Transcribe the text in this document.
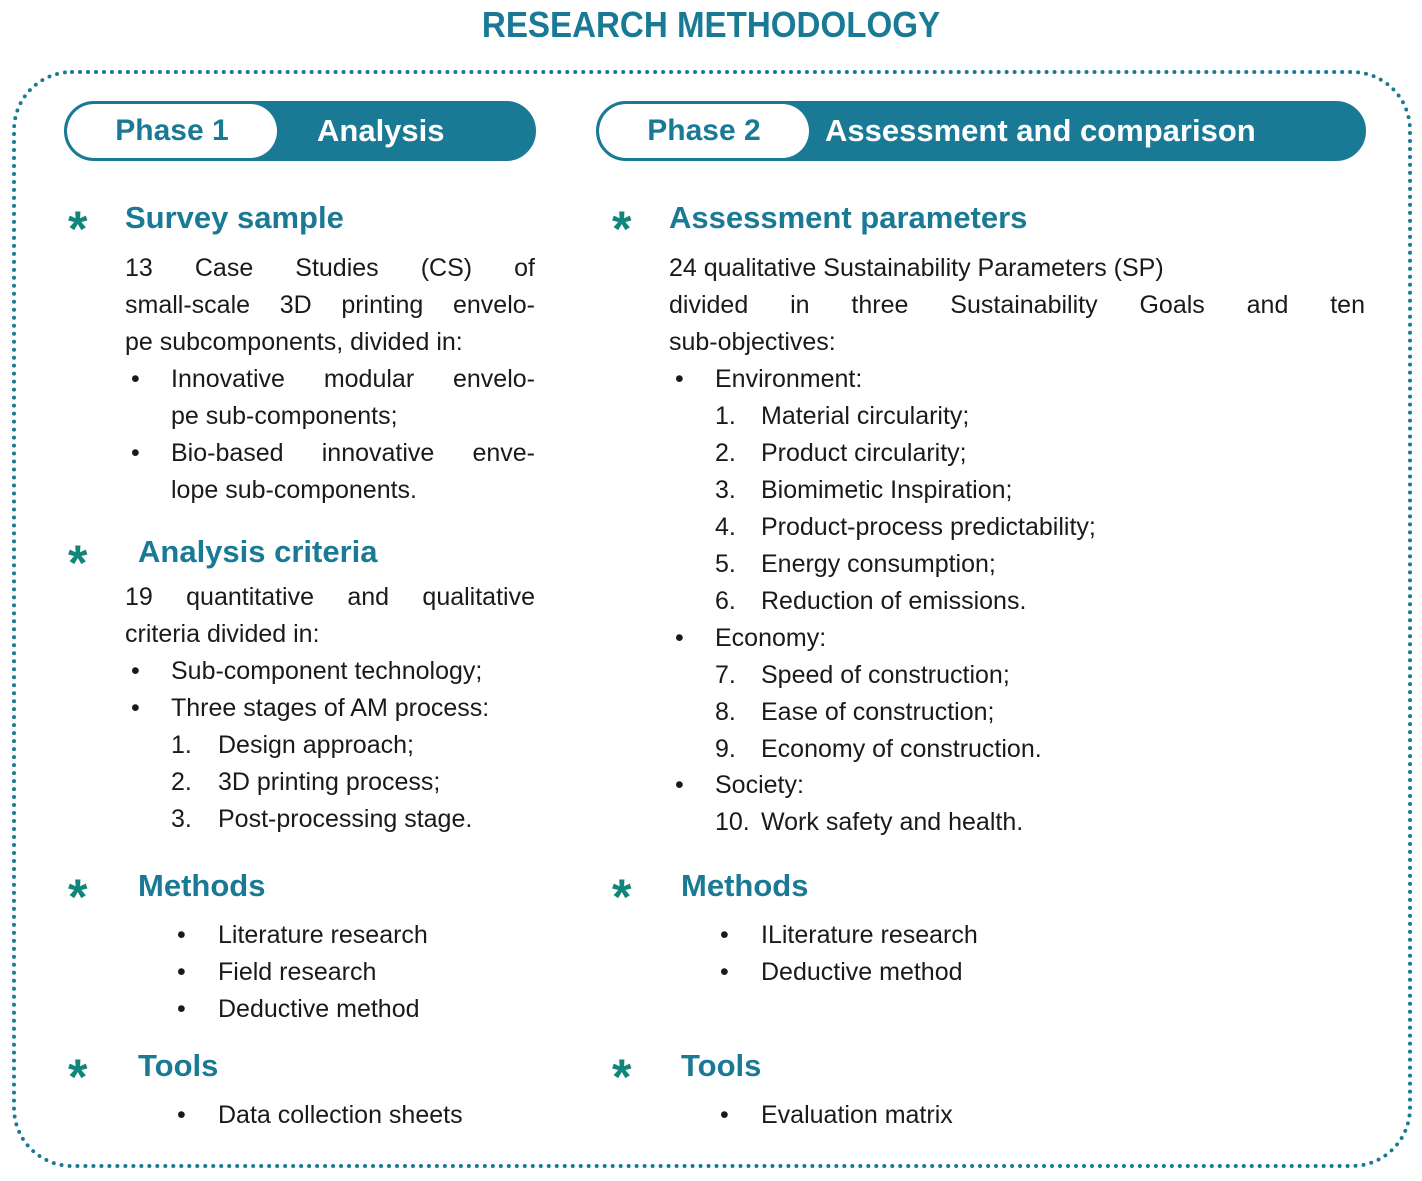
RESEARCH METHODOLOGY
Phase 1	Analysis	Phase 2	Assessment and comparison
* Survey sample
13 Case Studies (CS) of
small-scale 3D printing envelo-
pe subcomponents, divided in:
• Innovative modular envelo-
pe sub-components;
• Bio-based innovative enve-
lope sub-components.
* Analysis criteria
19 quantitative and qualitative
criteria divided in:
• Sub-component technology;
• Three stages of AM process:
1. Design approach;
2. 3D printing process;
3. Post-processing stage.
* Methods
• Literature research
• Field research
• Deductive method
* Tools
• Data collection sheets
* Assessment parameters
24 qualitative Sustainability Parameters (SP)
divided in three Sustainability Goals and ten
sub-objectives:
• Environment:
1. Material circularity;
2. Product circularity;
3. Biomimetic Inspiration;
4. Product-process predictability;
5. Energy consumption;
6. Reduction of emissions.
• Economy:
7. Speed of construction;
8. Ease of construction;
9. Economy of construction.
• Society:
10. Work safety and health.
* Methods
• ILiterature research
• Deductive method
* Tools
• Evaluation matrix
